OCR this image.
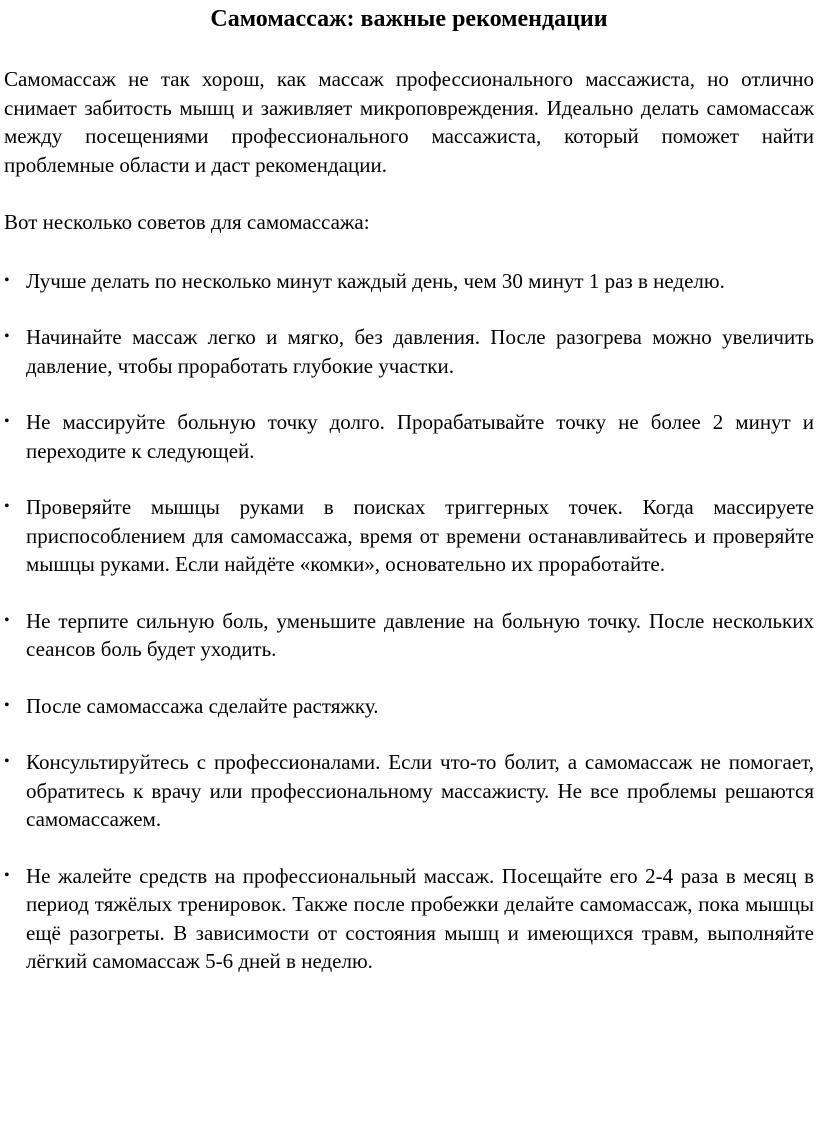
Самомассаж: важные рекомендации

Самомассаж не так хорош, как массаж профессионального массажиста, но отлично снимает забитость мышц и заживляет микроповреждения. Идеально делать самомассаж между посещениями профессионального массажиста, который поможет найти проблемные области и даст рекомендации.

Вот несколько советов для самомассажа:

• Лучше делать по несколько минут каждый день, чем 30 минут 1 раз в неделю.
• Начинайте массаж легко и мягко, без давления. После разогрева можно увеличить давление, чтобы проработать глубокие участки.
• Не массируйте больную точку долго. Прорабатывайте точку не более 2 минут и переходите к следующей.
• Проверяйте мышцы руками в поисках триггерных точек. Когда массируете приспособлением для самомассажа, время от времени останавливайтесь и проверяйте мышцы руками. Если найдёте «комки», основательно их проработайте.
• Не терпите сильную боль, уменьшите давление на больную точку. После нескольких сеансов боль будет уходить.
• После самомассажа сделайте растяжку.
• Консультируйтесь с профессионалами. Если что-то болит, а самомассаж не помогает, обратитесь к врачу или профессиональному массажисту. Не все проблемы решаются самомассажем.
• Не жалейте средств на профессиональный массаж. Посещайте его 2-4 раза в месяц в период тяжёлых тренировок. Также после пробежки делайте самомассаж, пока мышцы ещё разогреты. В зависимости от состояния мышц и имеющихся травм, выполняйте лёгкий самомассаж 5-6 дней в неделю.
